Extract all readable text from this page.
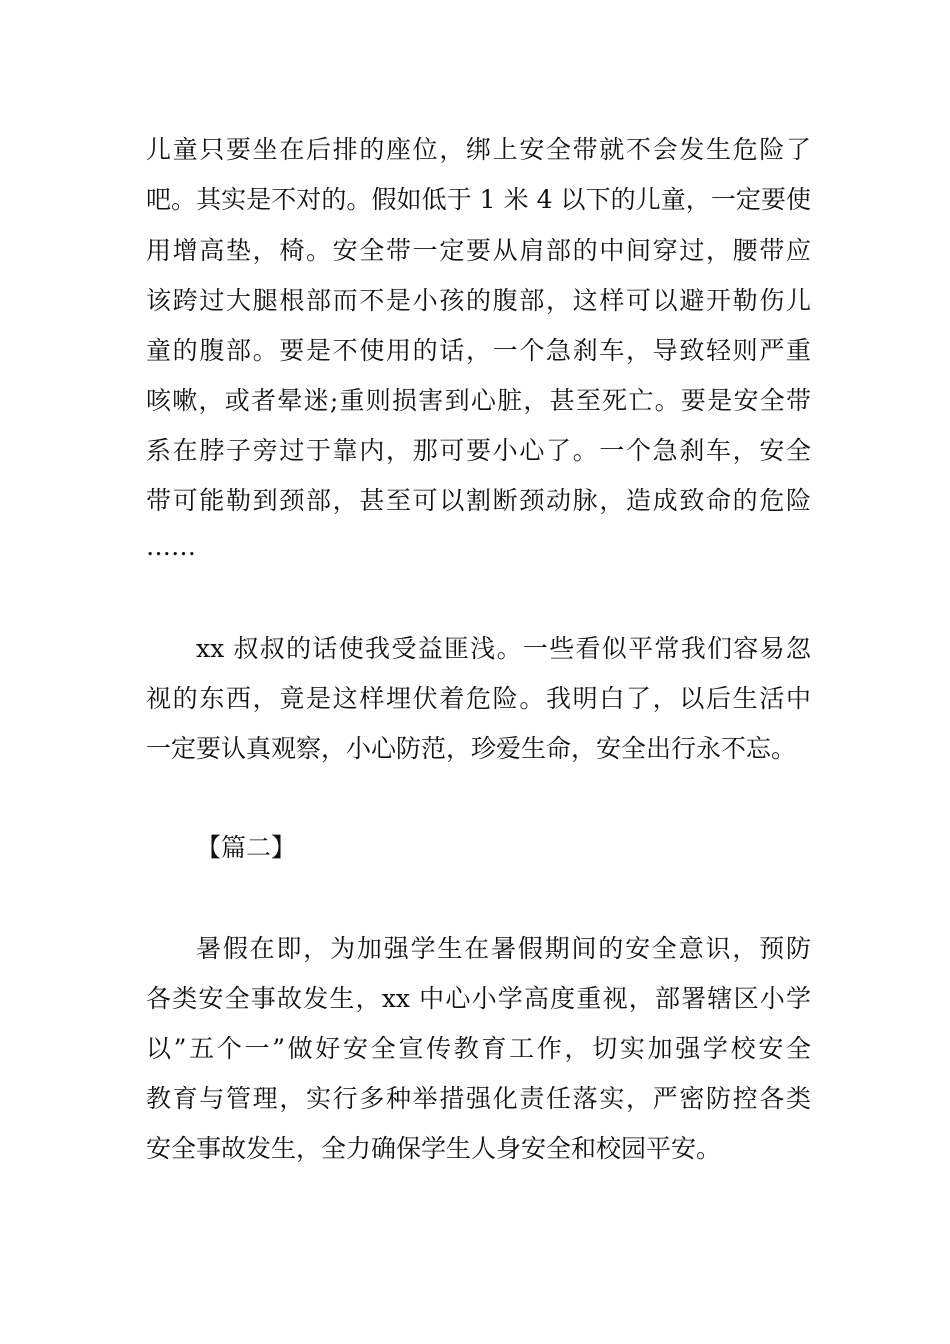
儿童只要坐在后排的座位，绑上安全带就不会发生危险了
吧。其实是不对的。假如低于 1 米 4 以下的儿童，一定要使
用增高垫，椅。安全带一定要从肩部的中间穿过，腰带应
该跨过大腿根部而不是小孩的腹部，这样可以避开勒伤儿
童的腹部。要是不使用的话，一个急刹车，导致轻则严重
咳嗽，或者晕迷;重则损害到心脏，甚至死亡。要是安全带
系在脖子旁过于靠内，那可要小心了。一个急刹车，安全
带可能勒到颈部，甚至可以割断颈动脉，造成致命的危险
……
xx 叔叔的话使我受益匪浅。一些看似平常我们容易忽
视的东西，竟是这样埋伏着危险。我明白了，以后生活中
一定要认真观察，小心防范，珍爱生命，安全出行永不忘。
【篇二】
暑假在即，为加强学生在暑假期间的安全意识，预防
各类安全事故发生，xx 中心小学高度重视，部署辖区小学
以”五个一”做好安全宣传教育工作，切实加强学校安全
教育与管理，实行多种举措强化责任落实，严密防控各类
安全事故发生，全力确保学生人身安全和校园平安。
